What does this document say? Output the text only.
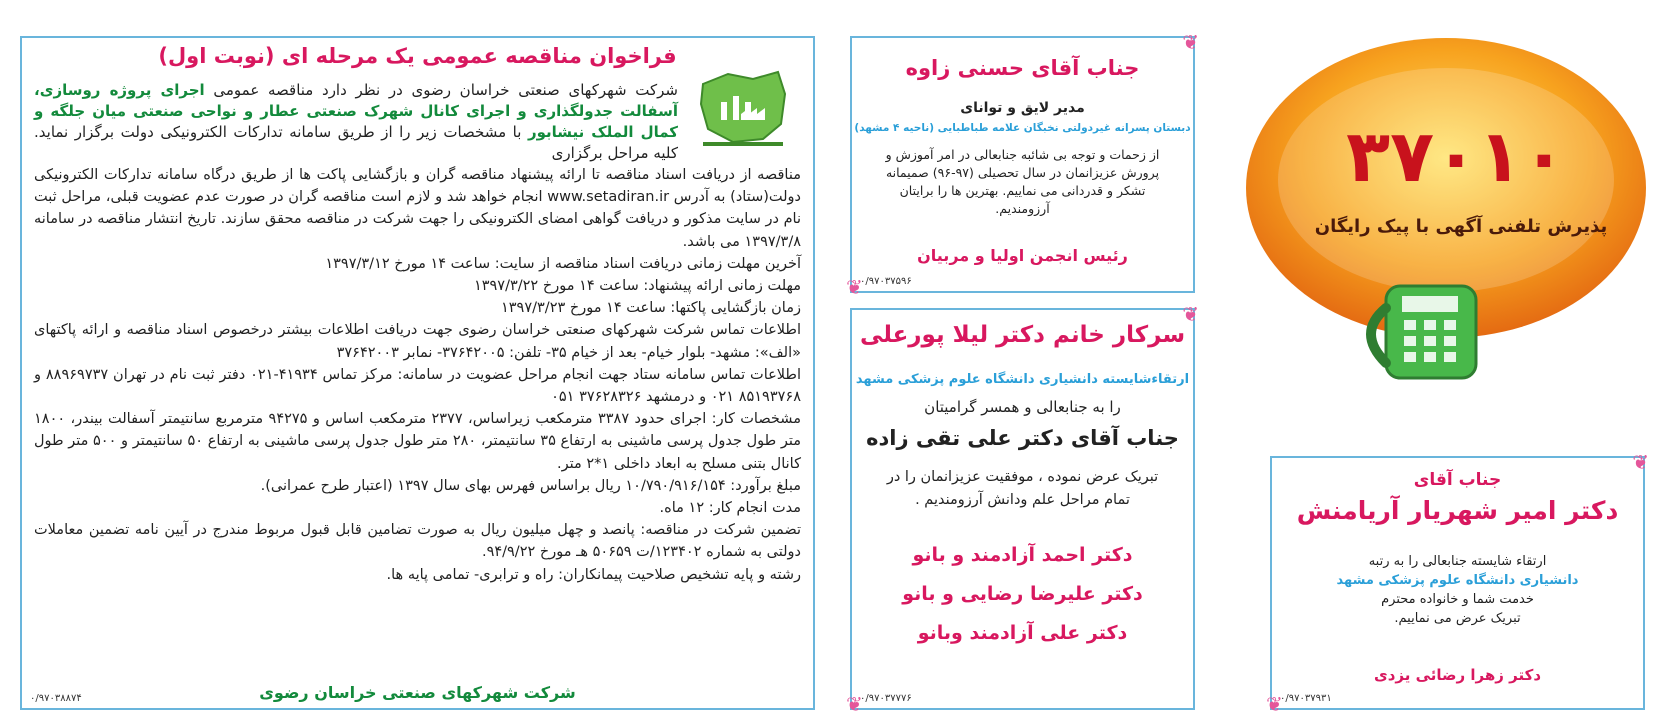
فراخوان مناقصه عمومی یک مرحله ای (نوبت اول)
شرکت شهرکهای صنعتی خراسان رضوی در نظر دارد مناقصه عمومی اجرای پروژه روسازی، آسفالت جدولگذاری و اجرای کانال شهرک صنعتی عطار و نواحی صنعتی میان جلگه و کمال الملک نیشابور با مشخصات زیر را از طریق سامانه تدارکات الکترونیکی دولت برگزار نماید. کلیه مراحل برگزاری

مناقصه از دریافت اسناد مناقصه تا ارائه پیشنهاد مناقصه گران و بازگشایی پاکت ها از طریق درگاه سامانه تدارکات الکترونیکی دولت(ستاد) به آدرس www.setadiran.ir انجام خواهد شد و لازم است مناقصه گران در صورت عدم عضویت قبلی، مراحل ثبت نام در سایت مذکور و دریافت گواهی امضای الکترونیکی را جهت شرکت در مناقصه محقق سازند. تاریخ انتشار مناقصه در سامانه ۱۳۹۷/۳/۸ می باشد.

آخرین مهلت زمانی دریافت اسناد مناقصه از سایت: ساعت ۱۴ مورخ ۱۳۹۷/۳/۱۲

مهلت زمانی ارائه پیشنهاد: ساعت ۱۴ مورخ ۱۳۹۷/۳/۲۲

زمان بازگشایی پاکتها: ساعت ۱۴ مورخ ۱۳۹۷/۳/۲۳

اطلاعات تماس شرکت شهرکهای صنعتی خراسان رضوی جهت دریافت اطلاعات بیشتر درخصوص اسناد مناقصه و ارائه پاکتهای «الف»: مشهد- بلوار خیام- بعد از خیام ۳۵- تلفن: ۳۷۶۴۲۰۰۵- نمابر ۳۷۶۴۲۰۰۳

اطلاعات تماس سامانه ستاد جهت انجام مراحل عضویت در سامانه: مرکز تماس ۴۱۹۳۴-۰۲۱ دفتر ثبت نام در تهران ۸۸۹۶۹۷۳۷ و ۸۵۱۹۳۷۶۸ ۰۲۱ و درمشهد ۳۷۶۲۸۳۲۶ ۰۵۱

مشخصات کار: اجرای حدود ۳۳۸۷ مترمکعب زیراساس، ۲۳۷۷ مترمکعب اساس و ۹۴۲۷۵ مترمربع سانتیمتر آسفالت بیندر، ۱۸۰۰ متر طول جدول پرسی ماشینی به ارتفاع ۳۵ سانتیمتر، ۲۸۰ متر طول جدول پرسی ماشینی به ارتفاع ۵۰ سانتیمتر و ۵۰۰ متر طول کانال بتنی مسلح به ابعاد داخلی ۱*۲ متر.

مبلغ برآورد: ۱۰/۷۹۰/۹۱۶/۱۵۴ ریال براساس فهرس بهای سال ۱۳۹۷ (اعتبار طرح عمرانی).

مدت انجام کار: ۱۲ ماه.

تضمین شرکت در مناقصه: پانصد و چهل میلیون ریال به صورت تضامین قابل قبول مربوط مندرج در آیین نامه تضمین معاملات دولتی به شماره ۱۲۳۴۰۲/ت ۵۰۶۵۹ هـ مورخ ۹۴/۹/۲۲.

رشته و پایه تشخیص صلاحیت پیمانکاران: راه و ترابری- تمامی پایه ها.

شرکت شهرکهای صنعتی خراسان رضوی
۰/۹۷۰۳۸۸۷۴
❦
❦
جناب آقای حسنی زاوه
مدیر لایق و توانای
دبستان پسرانه غیردولتی نخبگان علامه طباطبایی (ناحیه ۴ مشهد)
از زحمات و توجه بی شائبه جنابعالی در امر آموزش و پرورش عزیزانمان در سال تحصیلی (۹۷-۹۶) صمیمانه تشکر و قدردانی می نماییم. بهترین ها را برایتان آرزومندیم.
رئیس انجمن اولیا و مربیان
۰/۹۷۰۳۷۵۹۶
❦
❦
سرکار خانم دکتر لیلا پورعلی
ارتقاءشایسته دانشیاری دانشگاه علوم پزشکی مشهد
را به جنابعالی و همسر گرامیتان
جناب آقای دکتر علی تقی زاده
تبریک عرض نموده ، موفقیت عزیزانمان را در تمام مراحل علم ودانش آرزومندیم .
دکتر احمد آزادمند و بانو
دکتر علیرضا رضایی و بانو
دکتر علی آزادمند وبانو
۰/۹۷۰۳۷۷۷۶
۳۷۰۱۰
پذیرش تلفنی آگهی با پیک رایگان
❦
❦
جناب آقای
دکتر امیر شهریار آریامنش
ارتقاء شایسته جنابعالی را به رتبه
دانشیاری دانشگاه علوم پزشکی مشهد
خدمت شما و خانواده محترم
تبریک عرض می نماییم.
دکتر زهرا رضائی یزدی
۰/۹۷۰۳۷۹۳۱
